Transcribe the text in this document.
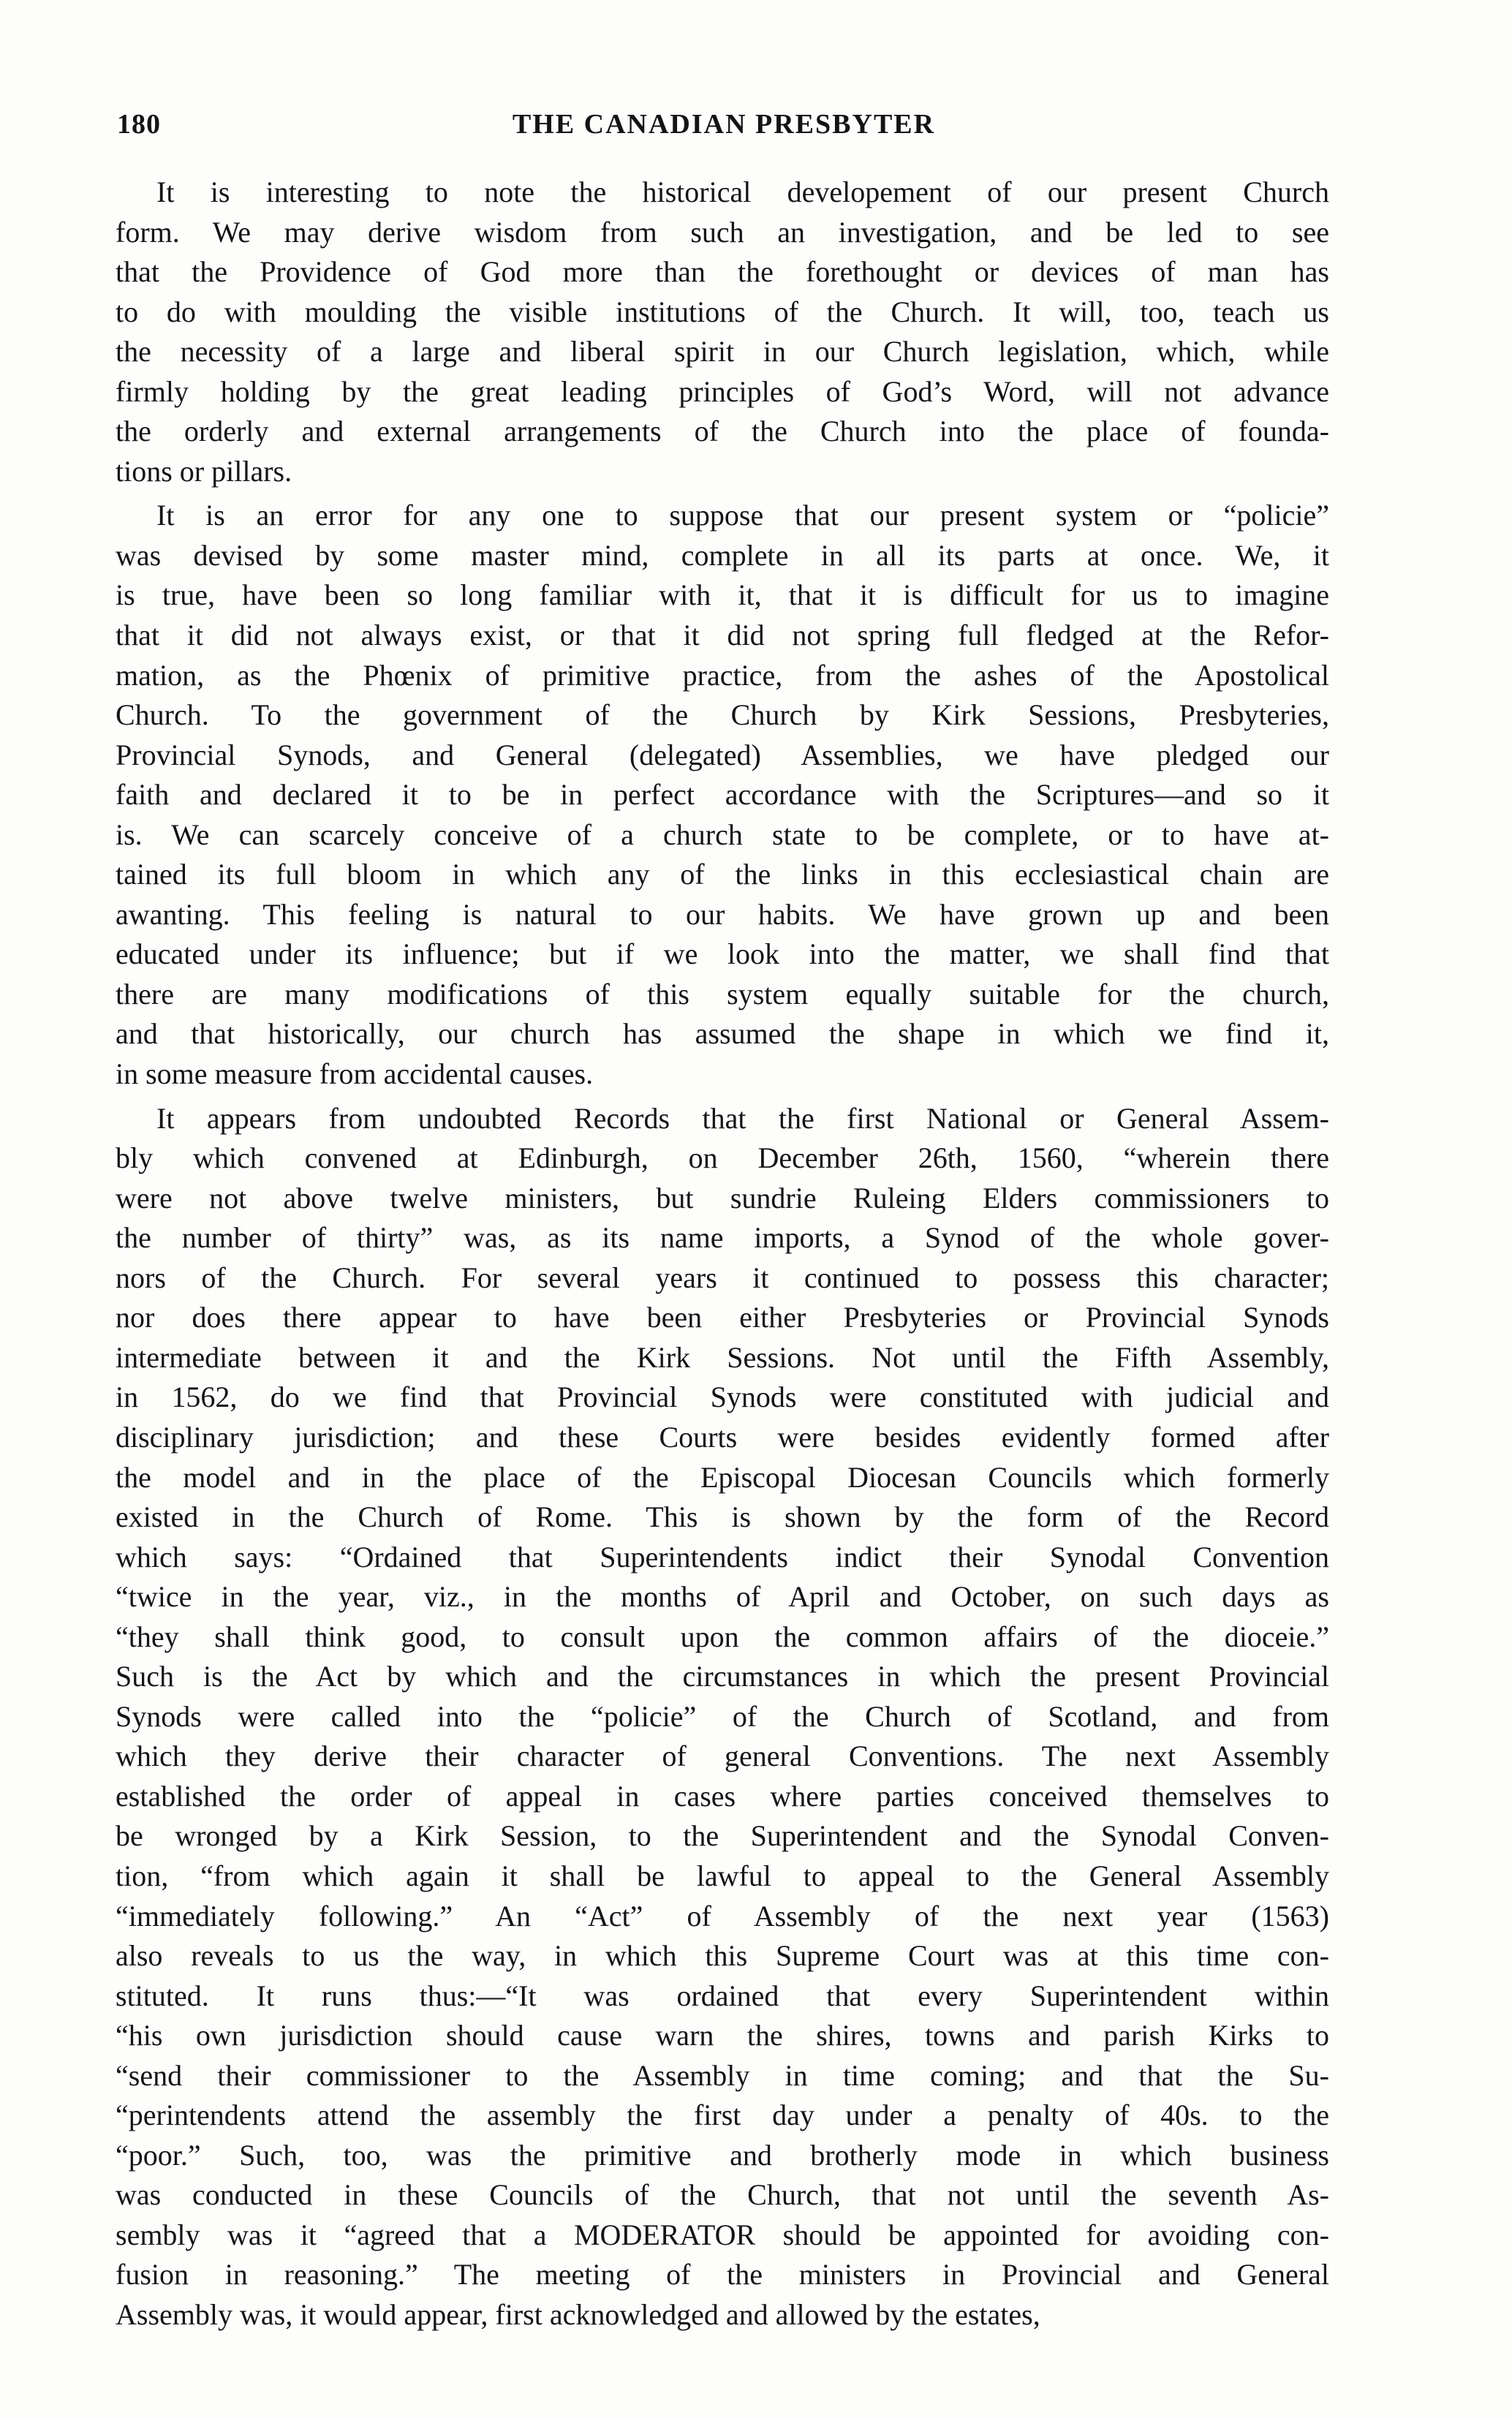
180	THE CANADIAN PRESBYTER
It is interesting to note the historical developement of our present Church
form. We may derive wisdom from such an investigation, and be led to see
that the Providence of God more than the forethought or devices of man has
to do with moulding the visible institutions of the Church. It will, too, teach us
the necessity of a large and liberal spirit in our Church legislation, which, while
firmly holding by the great leading principles of God’s Word, will not advance
the orderly and external arrangements of the Church into the place of founda-
tions or pillars.
It is an error for any one to suppose that our present system or “policie”
was devised by some master mind, complete in all its parts at once. We, it
is true, have been so long familiar with it, that it is difficult for us to imagine
that it did not always exist, or that it did not spring full fledged at the Refor-
mation, as the Phœnix of primitive practice, from the ashes of the Apostolical
Church. To the government of the Church by Kirk Sessions, Presbyteries,
Provincial Synods, and General (delegated) Assemblies, we have pledged our
faith and declared it to be in perfect accordance with the Scriptures—and so it
is. We can scarcely conceive of a church state to be complete, or to have at-
tained its full bloom in which any of the links in this ecclesiastical chain are
awanting. This feeling is natural to our habits. We have grown up and been
educated under its influence; but if we look into the matter, we shall find that
there are many modifications of this system equally suitable for the church,
and that historically, our church has assumed the shape in which we find it,
in some measure from accidental causes.
It appears from undoubted Records that the first National or General Assem-
bly which convened at Edinburgh, on December 26th, 1560, “wherein there
were not above twelve ministers, but sundrie Ruleing Elders commissioners to
the number of thirty” was, as its name imports, a Synod of the whole gover-
nors of the Church. For several years it continued to possess this character;
nor does there appear to have been either Presbyteries or Provincial Synods
intermediate between it and the Kirk Sessions. Not until the Fifth Assembly,
in 1562, do we find that Provincial Synods were constituted with judicial and
disciplinary jurisdiction; and these Courts were besides evidently formed after
the model and in the place of the Episcopal Diocesan Councils which formerly
existed in the Church of Rome. This is shown by the form of the Record
which says: “Ordained that Superintendents indict their Synodal Convention
“twice in the year, viz., in the months of April and October, on such days as
“they shall think good, to consult upon the common affairs of the dioceie.”
Such is the Act by which and the circumstances in which the present Provincial
Synods were called into the “policie” of the Church of Scotland, and from
which they derive their character of general Conventions. The next Assembly
established the order of appeal in cases where parties conceived themselves to
be wronged by a Kirk Session, to the Superintendent and the Synodal Conven-
tion, “from which again it shall be lawful to appeal to the General Assembly
“immediately following.” An “Act” of Assembly of the next year (1563)
also reveals to us the way, in which this Supreme Court was at this time con-
stituted. It runs thus:—“It was ordained that every Superintendent within
“his own jurisdiction should cause warn the shires, towns and parish Kirks to
“send their commissioner to the Assembly in time coming; and that the Su-
“perintendents attend the assembly the first day under a penalty of 40s. to the
“poor.” Such, too, was the primitive and brotherly mode in which business
was conducted in these Councils of the Church, that not until the seventh As-
sembly was it “agreed that a MODERATOR should be appointed for avoiding con-
fusion in reasoning.” The meeting of the ministers in Provincial and General
Assembly was, it would appear, first acknowledged and allowed by the estates,
